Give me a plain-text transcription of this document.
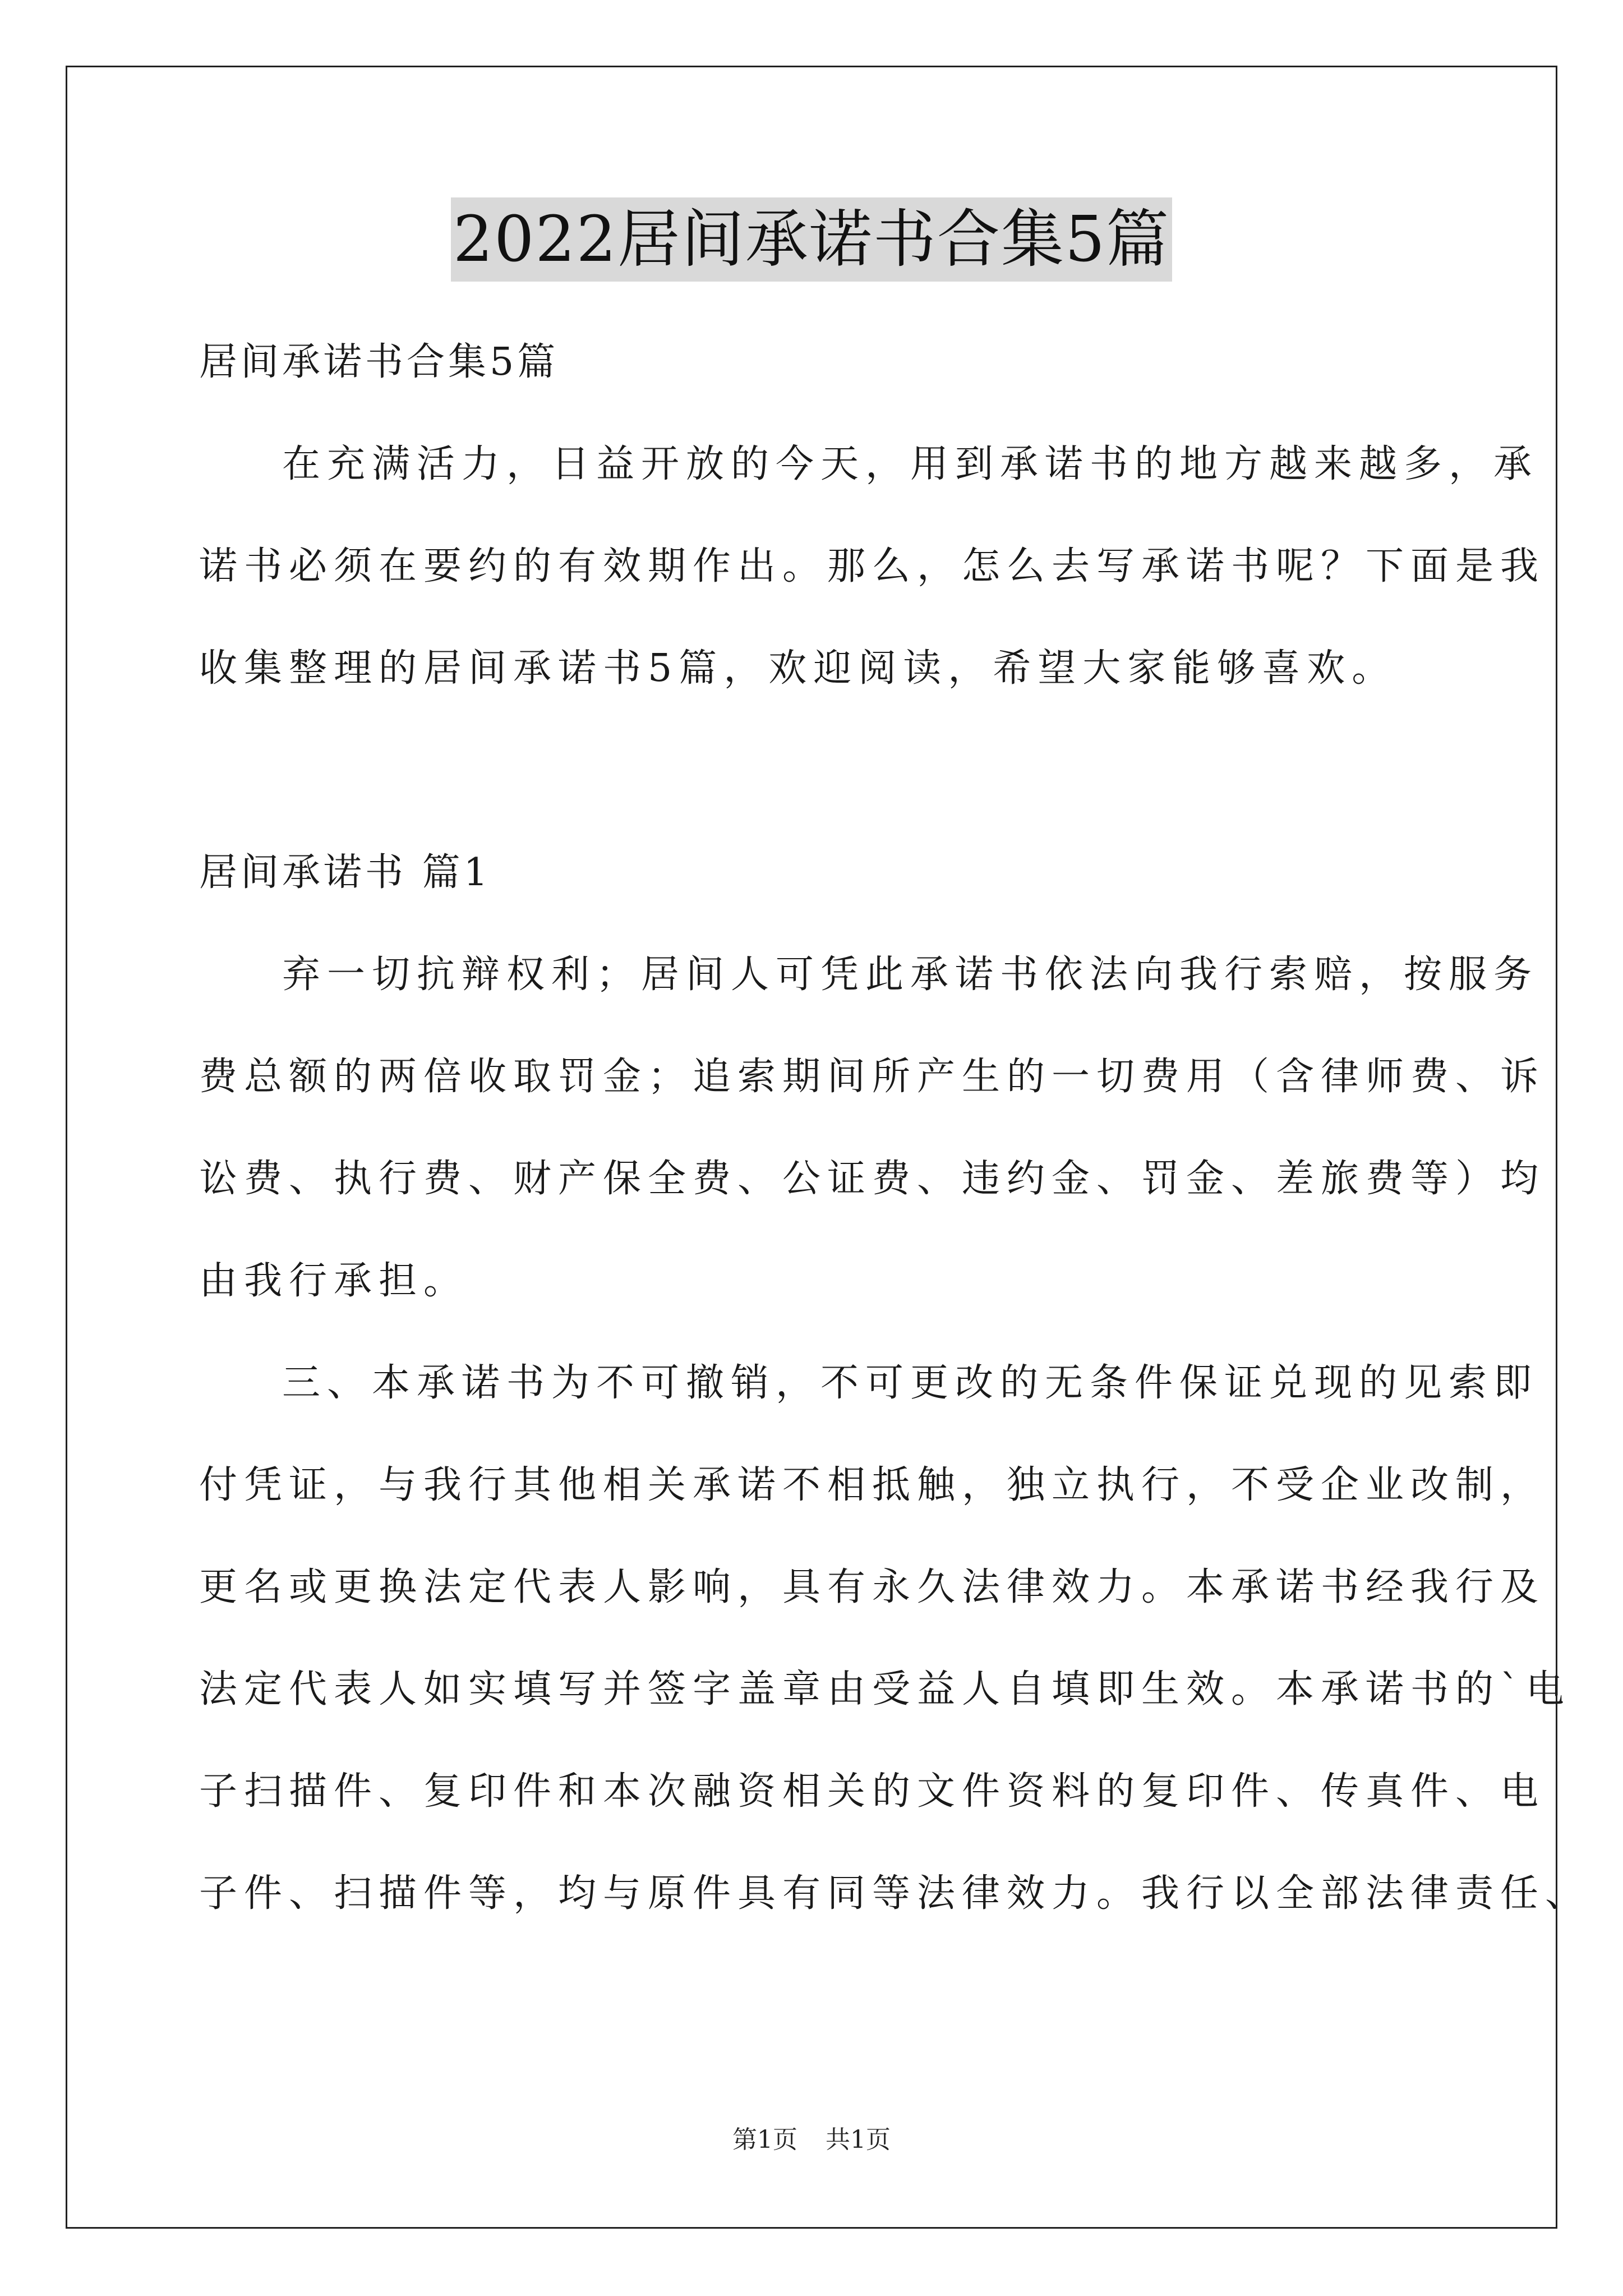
2022居间承诺书合集5篇
居间承诺书合集5篇
在充满活力，日益开放的今天，用到承诺书的地方越来越多，承
诺书必须在要约的有效期作出。那么，怎么去写承诺书呢？下面是我
收集整理的居间承诺书5篇，欢迎阅读，希望大家能够喜欢。
居间承诺书 篇1
弃一切抗辩权利；居间人可凭此承诺书依法向我行索赔，按服务
费总额的两倍收取罚金；追索期间所产生的一切费用（含律师费、诉
讼费、执行费、财产保全费、公证费、违约金、罚金、差旅费等）均
由我行承担。
三、本承诺书为不可撤销，不可更改的无条件保证兑现的见索即
付凭证，与我行其他相关承诺不相抵触，独立执行，不受企业改制，
更名或更换法定代表人影响，具有永久法律效力。本承诺书经我行及
法定代表人如实填写并签字盖章由受益人自填即生效。本承诺书的`电
子扫描件、复印件和本次融资相关的文件资料的复印件、传真件、电
子件、扫描件等，均与原件具有同等法律效力。我行以全部法律责任、
第1页 共1页
